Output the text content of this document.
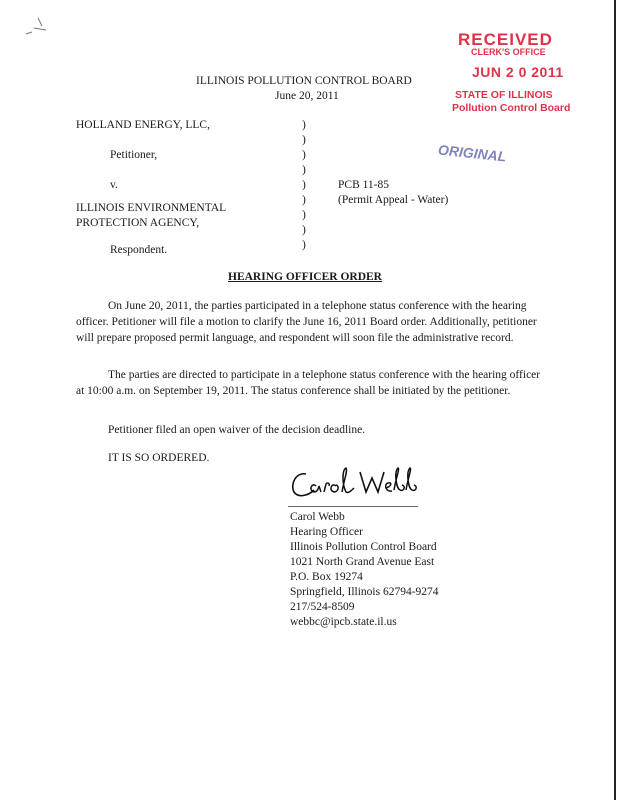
RECEIVED
CLERK'S OFFICE
JUN 2 0 2011
STATE OF ILLINOIS
Pollution Control Board
ORIGINAL
ILLINOIS POLLUTION CONTROL BOARD
June 20, 2011
HOLLAND ENERGY, LLC,
Petitioner,
v.
ILLINOIS ENVIRONMENTAL
PROTECTION AGENCY,
Respondent.
)
)
)
)
)
)
)
)
)
PCB 11-85
(Permit Appeal - Water)
HEARING OFFICER ORDER
On June 20, 2011, the parties participated in a telephone status conference with the hearing officer. Petitioner will file a motion to clarify the June 16, 2011 Board order. Additionally, petitioner will prepare proposed permit language, and respondent will soon file the administrative record.
The parties are directed to participate in a telephone status conference with the hearing officer at 10:00 a.m. on September 19, 2011. The status conference shall be initiated by the petitioner.
Petitioner filed an open waiver of the decision deadline.
IT IS SO ORDERED.
Carol Webb
Hearing Officer
Illinois Pollution Control Board
1021 North Grand Avenue East
P.O. Box 19274
Springfield, Illinois 62794-9274
217/524-8509
webbc@ipcb.state.il.us
